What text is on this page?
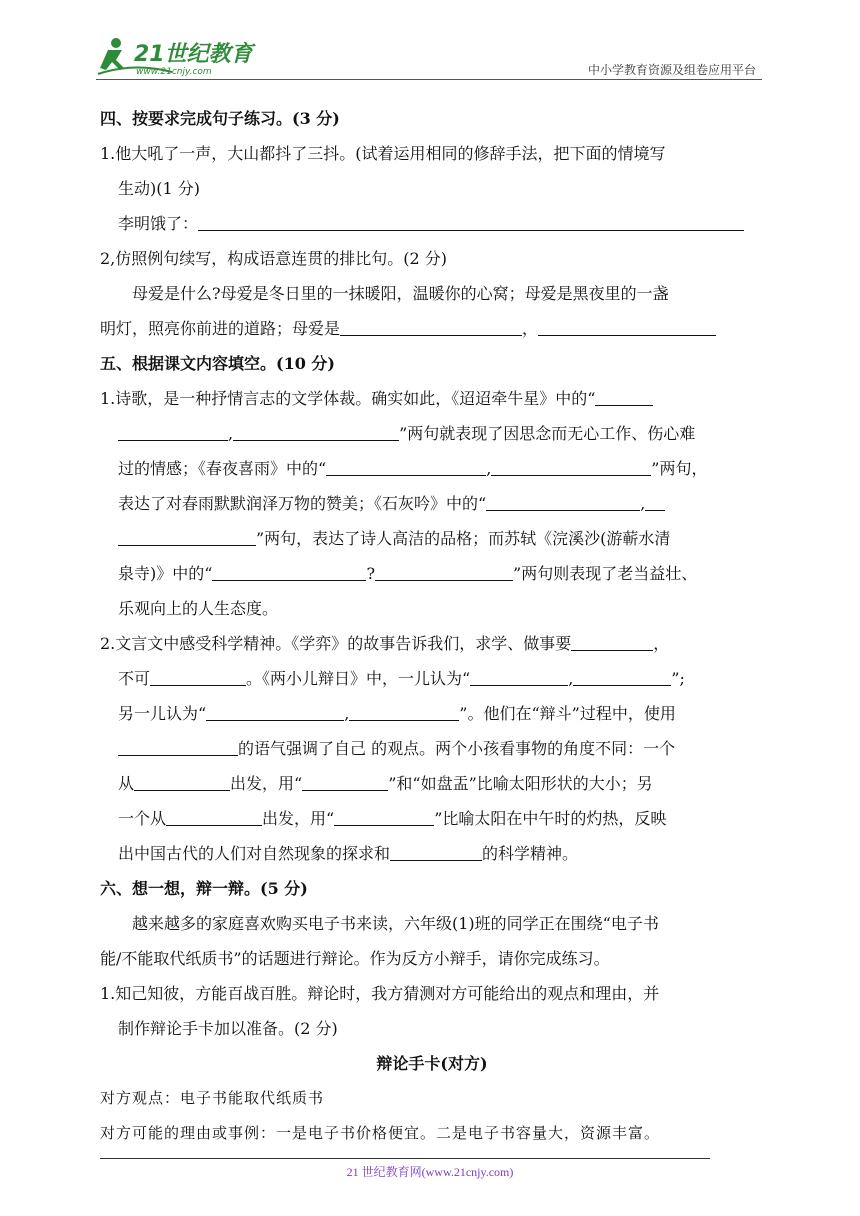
21世纪教育
www.21cnjy.com	中小学教育资源及组卷应用平台
四、按要求完成句子练习。(3 分)
1.他大吼了一声，大山都抖了三抖。(试着运用相同的修辞手法，把下面的情境写
生动)(1 分)
李明饿了：
2,仿照例句续写，构成语意连贯的排比句。(2 分)
母爱是什么?母爱是冬日里的一抹暖阳，温暖你的心窝；母爱是黑夜里的一盏
明灯，照亮你前进的道路；母爱是	，
五、根据课文内容填空。(10 分)
1.诗歌，是一种抒情言志的文学体裁。确实如此，《迢迢牵牛星》中的“
,	”两句就表现了因思念而无心工作、伤心难
过的情感；《春夜喜雨》中的“	,	”两句，
表达了对春雨默默润泽万物的赞美；《石灰吟》中的“	,
”两句，表达了诗人高洁的品格；而苏轼《浣溪沙(游蕲水清
泉寺)》中的“	?	”两句则表现了老当益壮、
乐观向上的人生态度。
2.文言文中感受科学精神。《学弈》的故事告诉我们，求学、做事要	，
不可	。《两小儿辩日》中，一儿认为“	,	”;
另一儿认为“	,	”。他们在“辩斗”过程中，使用
的语气强调了自己 的观点。两个小孩看事物的角度不同：一个
从	出发，用“	”和“如盘盂”比喻太阳形状的大小；另
一个从	出发，用“	”比喻太阳在中午时的灼热，反映
出中国古代的人们对自然现象的探求和	的科学精神。
六、想一想，辩一辩。(5 分)
越来越多的家庭喜欢购买电子书来读，六年级(1)班的同学正在围绕“电子书
能/不能取代纸质书”的话题进行辩论。作为反方小辩手，请你完成练习。
1.知己知彼，方能百战百胜。辩论时，我方猜测对方可能给出的观点和理由，并
制作辩论手卡加以准备。(2 分)
辩论手卡(对方)
对方观点：电子书能取代纸质书
对方可能的理由或事例：一是电子书价格便宜。二是电子书容量大，资源丰富。
21 世纪教育网(www.21cnjy.com)
